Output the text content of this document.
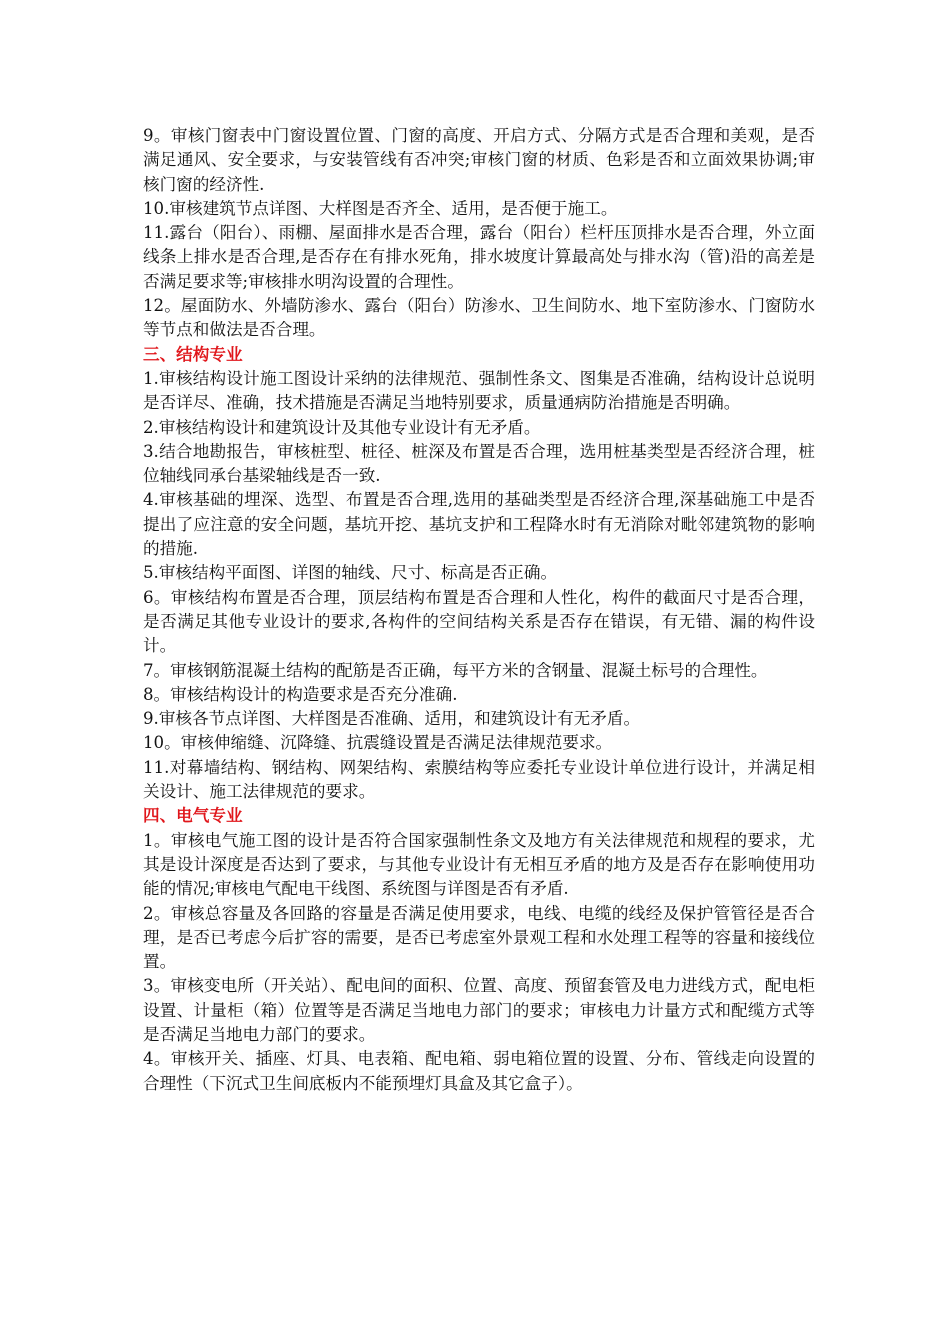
9。审核门窗表中门窗设置位置、门窗的高度、开启方式、分隔方式是否合理和美观，是否满足通风、安全要求，与安装管线有否冲突;审核门窗的材质、色彩是否和立面效果协调;审核门窗的经济性.

10.审核建筑节点详图、大样图是否齐全、适用，是否便于施工。

11.露台（阳台）、雨棚、屋面排水是否合理，露台（阳台）栏杆压顶排水是否合理，外立面线条上排水是否合理,是否存在有排水死角，排水坡度计算最高处与排水沟（管)沿的高差是否满足要求等;审核排水明沟设置的合理性。

12。屋面防水、外墙防渗水、露台（阳台）防渗水、卫生间防水、地下室防渗水、门窗防水等节点和做法是否合理。

三、结构专业

1.审核结构设计施工图设计采纳的法律规范、强制性条文、图集是否准确，结构设计总说明是否详尽、准确，技术措施是否满足当地特别要求，质量通病防治措施是否明确。

2.审核结构设计和建筑设计及其他专业设计有无矛盾。

3.结合地勘报告，审核桩型、桩径、桩深及布置是否合理，选用桩基类型是否经济合理，桩位轴线同承台基梁轴线是否一致.

4.审核基础的埋深、选型、布置是否合理,选用的基础类型是否经济合理,深基础施工中是否提出了应注意的安全问题，基坑开挖、基坑支护和工程降水时有无消除对毗邻建筑物的影响的措施.

5.审核结构平面图、详图的轴线、尺寸、标高是否正确。

6。审核结构布置是否合理，顶层结构布置是否合理和人性化，构件的截面尺寸是否合理，是否满足其他专业设计的要求,各构件的空间结构关系是否存在错误，有无错、漏的构件设计。

7。审核钢筋混凝土结构的配筋是否正确，每平方米的含钢量、混凝土标号的合理性。

8。审核结构设计的构造要求是否充分准确.

9.审核各节点详图、大样图是否准确、适用，和建筑设计有无矛盾。

10。审核伸缩缝、沉降缝、抗震缝设置是否满足法律规范要求。

11.对幕墙结构、钢结构、网架结构、索膜结构等应委托专业设计单位进行设计，并满足相关设计、施工法律规范的要求。

四、电气专业

1。审核电气施工图的设计是否符合国家强制性条文及地方有关法律规范和规程的要求，尤其是设计深度是否达到了要求，与其他专业设计有无相互矛盾的地方及是否存在影响使用功能的情况;审核电气配电干线图、系统图与详图是否有矛盾.

2。审核总容量及各回路的容量是否满足使用要求，电线、电缆的线经及保护管管径是否合理，是否已考虑今后扩容的需要，是否已考虑室外景观工程和水处理工程等的容量和接线位置。

3。审核变电所（开关站）、配电间的面积、位置、高度、预留套管及电力进线方式，配电柜设置、计量柜（箱）位置等是否满足当地电力部门的要求；审核电力计量方式和配缆方式等是否满足当地电力部门的要求。

4。审核开关、插座、灯具、电表箱、配电箱、弱电箱位置的设置、分布、管线走向设置的合理性（下沉式卫生间底板内不能预埋灯具盒及其它盒子）。
